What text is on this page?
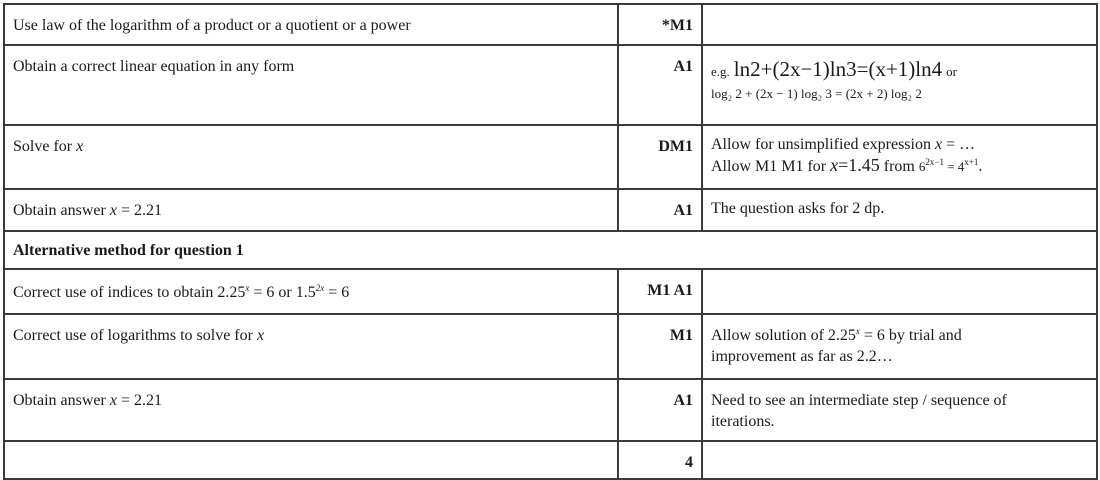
Use law of the logarithm of a product or a quotient or a power	*M1	
Obtain a correct linear equation in any form	A1	e.g. ln2+(2x−1)ln3=(x+1)ln4 or
log₂ 2 + (2x − 1) log₂ 3 = (2x + 2) log₂ 2

Solve for x	DM1	Allow for unsimplified expression x = …
Allow M1 M1 for x=1.45 from $6^{2x-1} = 4^{x+1}$.

Obtain answer x = 2.21	A1	The question asks for 2 dp.
Alternative method for question 1		
Correct use of indices to obtain $2.25^x = 6$ or $1.5^{2x} = 6$	M1 A1	
Correct use of logarithms to solve for x	M1	Allow solution of $2.25^x = 6$ by trial and
improvement as far as 2.2…

Obtain answer x = 2.21	A1	Need to see an intermediate step / sequence of
iterations.

	4	
